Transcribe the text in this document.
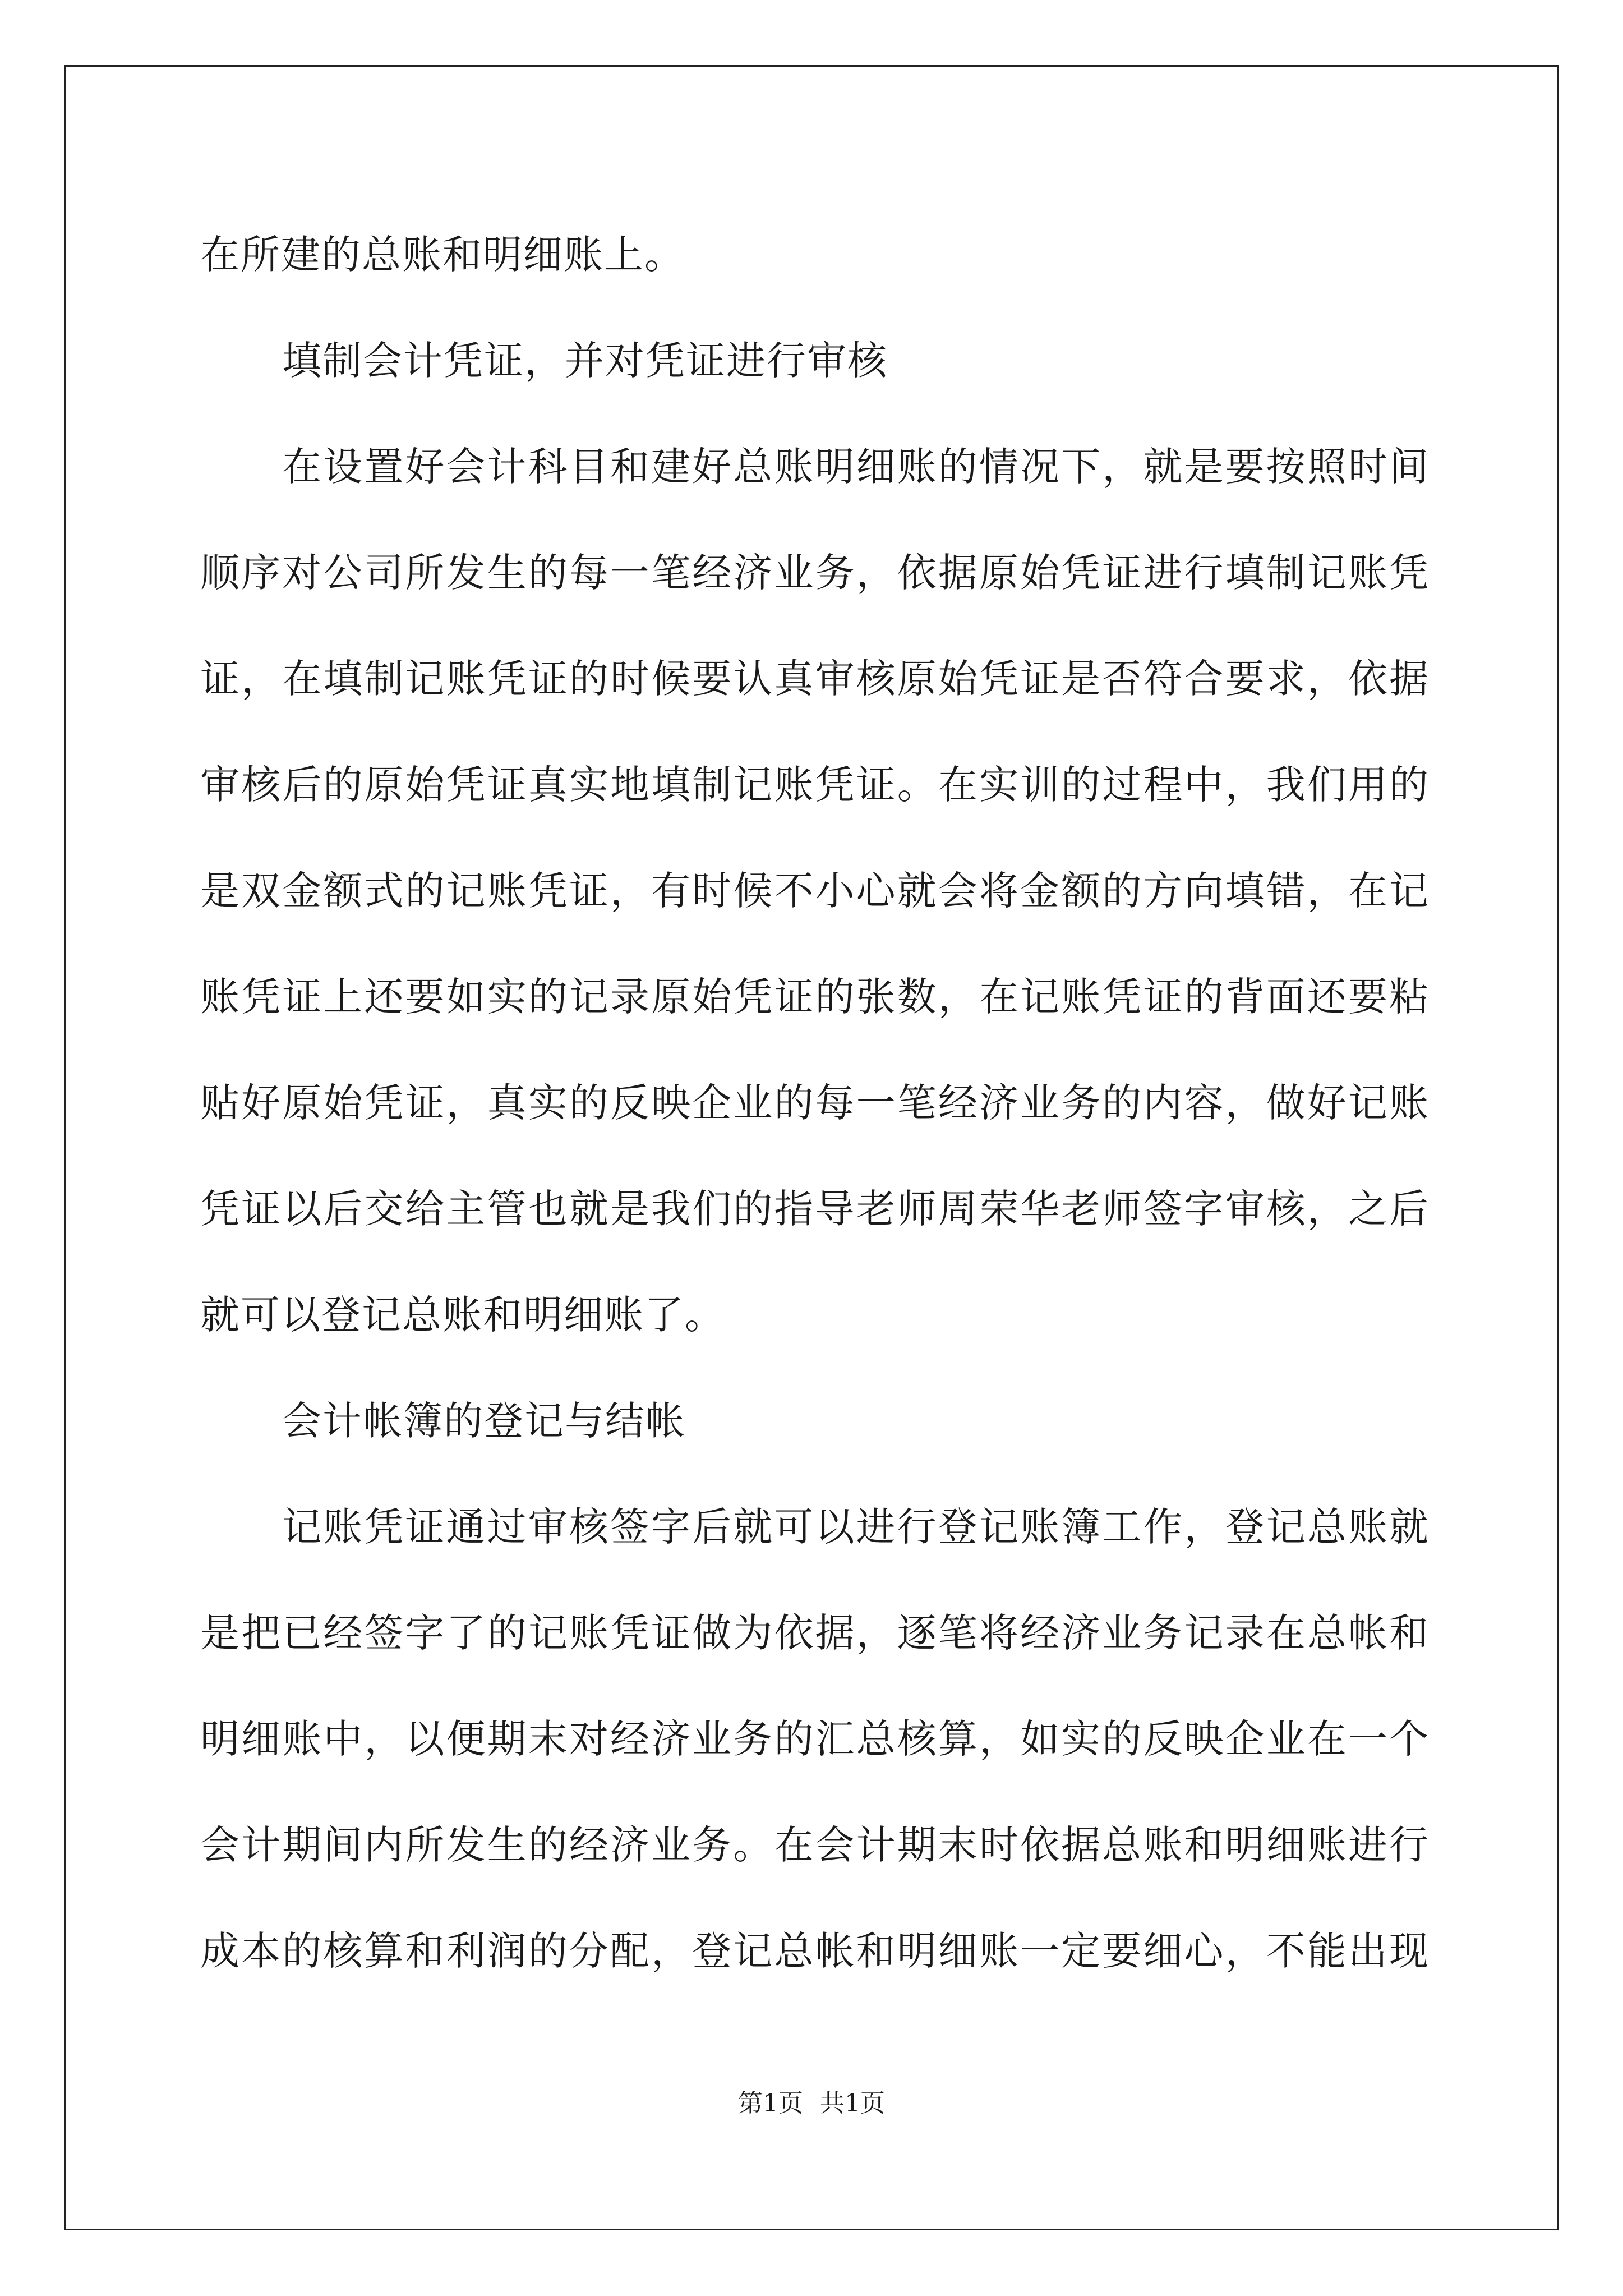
在所建的总账和明细账上。
填制会计凭证，并对凭证进行审核
在设置好会计科目和建好总账明细账的情况下，就是要按照时间
顺序对公司所发生的每一笔经济业务，依据原始凭证进行填制记账凭
证，在填制记账凭证的时候要认真审核原始凭证是否符合要求，依据
审核后的原始凭证真实地填制记账凭证。在实训的过程中，我们用的
是双金额式的记账凭证，有时候不小心就会将金额的方向填错，在记
账凭证上还要如实的记录原始凭证的张数，在记账凭证的背面还要粘
贴好原始凭证，真实的反映企业的每一笔经济业务的内容，做好记账
凭证以后交给主管也就是我们的指导老师周荣华老师签字审核，之后
就可以登记总账和明细账了。
会计帐簿的登记与结帐
记账凭证通过审核签字后就可以进行登记账簿工作，登记总账就
是把已经签字了的记账凭证做为依据，逐笔将经济业务记录在总帐和
明细账中，以便期末对经济业务的汇总核算，如实的反映企业在一个
会计期间内所发生的经济业务。在会计期末时依据总账和明细账进行
成本的核算和利润的分配，登记总帐和明细账一定要细心，不能出现
第1页 共1页
